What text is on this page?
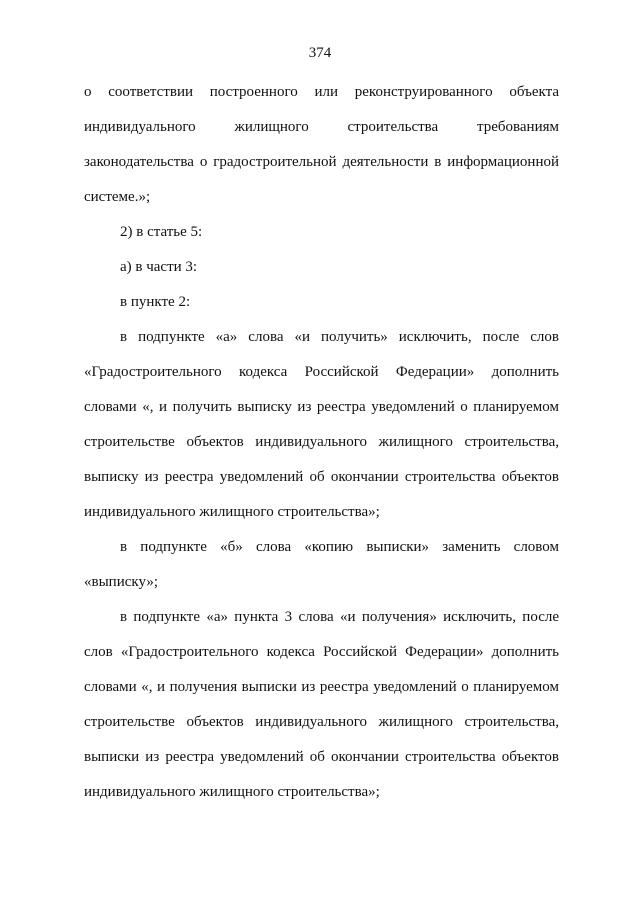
374
о соответствии построенного или реконструированного объекта
индивидуального жилищного строительства требованиям
законодательства о градостроительной деятельности в информационной
системе.»;
2) в статье 5:
а) в части 3:
в пункте 2:
в подпункте «а» слова «и получить» исключить, после слов
«Градостроительного кодекса Российской Федерации» дополнить
словами «, и получить выписку из реестра уведомлений о планируемом
строительстве объектов индивидуального жилищного строительства,
выписку из реестра уведомлений об окончании строительства объектов
индивидуального жилищного строительства»;
в подпункте «б» слова «копию выписки» заменить словом
«выписку»;
в подпункте «а» пункта 3 слова «и получения» исключить, после
слов «Градостроительного кодекса Российской Федерации» дополнить
словами «, и получения выписки из реестра уведомлений о планируемом
строительстве объектов индивидуального жилищного строительства,
выписки из реестра уведомлений об окончании строительства объектов
индивидуального жилищного строительства»;
